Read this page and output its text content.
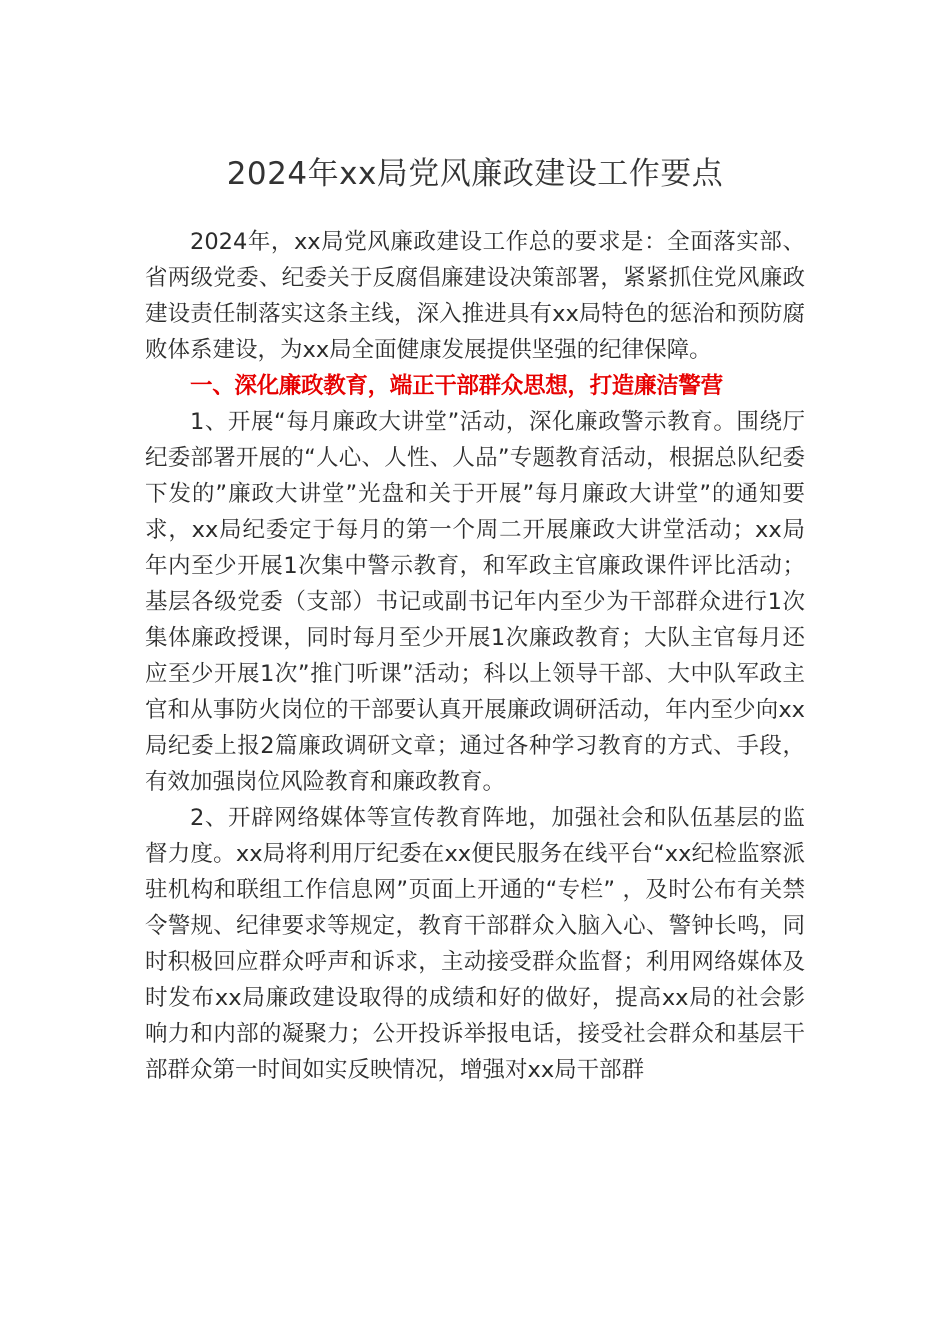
2024年xx局党风廉政建设工作要点

2024年，xx局党风廉政建设工作总的要求是：全面落实部、省两级党委、纪委关于反腐倡廉建设决策部署，紧紧抓住党风廉政建设责任制落实这条主线，深入推进具有xx局特色的惩治和预防腐败体系建设，为xx局全面健康发展提供坚强的纪律保障。

一、深化廉政教育，端正干部群众思想，打造廉洁警营

1、开展“每月廉政大讲堂”活动，深化廉政警示教育。围绕厅纪委部署开展的“人心、人性、人品”专题教育活动，根据总队纪委下发的”廉政大讲堂”光盘和关于开展”每月廉政大讲堂”的通知要求，xx局纪委定于每月的第一个周二开展廉政大讲堂活动；xx局年内至少开展1次集中警示教育，和军政主官廉政课件评比活动；基层各级党委（支部）书记或副书记年内至少为干部群众进行1次集体廉政授课，同时每月至少开展1次廉政教育；大队主官每月还应至少开展1次”推门听课”活动；科以上领导干部、大中队军政主官和从事防火岗位的干部要认真开展廉政调研活动，年内至少向xx局纪委上报2篇廉政调研文章；通过各种学习教育的方式、手段，有效加强岗位风险教育和廉政教育。

2、开辟网络媒体等宣传教育阵地，加强社会和队伍基层的监督力度。xx局将利用厅纪委在xx便民服务在线平台“xx纪检监察派驻机构和联组工作信息网”页面上开通的“专栏” ，及时公布有关禁令警规、纪律要求等规定，教育干部群众入脑入心、警钟长鸣，同时积极回应群众呼声和诉求，主动接受群众监督；利用网络媒体及时发布xx局廉政建设取得的成绩和好的做好，提高xx局的社会影响力和内部的凝聚力；公开投诉举报电话，接受社会群众和基层干部群众第一时间如实反映情况，增强对xx局干部群
